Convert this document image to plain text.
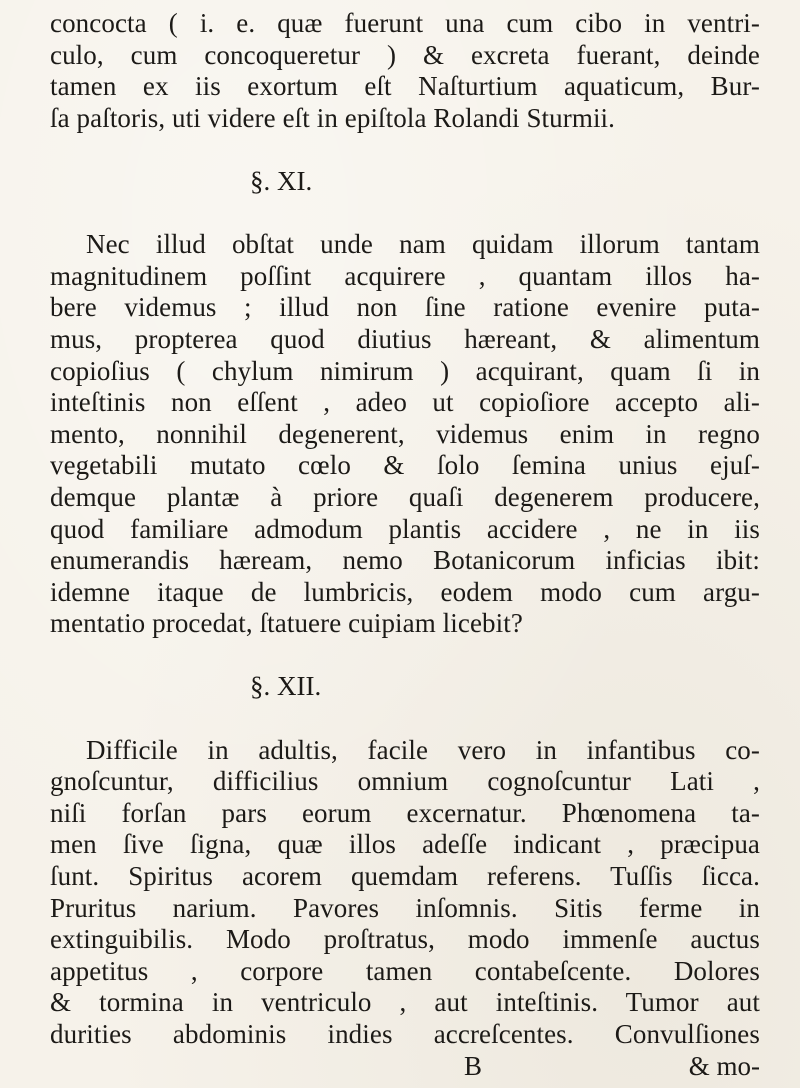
concocta ( i. e. quæ fuerunt una cum cibo in ventri-
culo, cum concoqueretur ) & excreta fuerant, deinde
tamen ex iis exortum eſt Naſturtium aquaticum, Bur-
ſa paſtoris, uti videre eſt in epiſtola Rolandi Sturmii.
§. XI.
Nec illud obſtat unde nam quidam illorum tantam
magnitudinem poſſint acquirere , quantam illos ha-
bere videmus ; illud non ſine ratione evenire puta-
mus, propterea quod diutius hæreant, & alimentum
copioſius ( chylum nimirum ) acquirant, quam ſi in
inteſtinis non eſſent , adeo ut copioſiore accepto ali-
mento, nonnihil degenerent, videmus enim in regno
vegetabili mutato cœlo & ſolo ſemina unius ejuſ-
demque plantæ à priore quaſi degenerem producere,
quod familiare admodum plantis accidere , ne in iis
enumerandis hæream, nemo Botanicorum inficias ibit:
idemne itaque de lumbricis, eodem modo cum argu-
mentatio procedat, ſtatuere cuipiam licebit?
§. XII.
Difficile in adultis, facile vero in infantibus co-
gnoſcuntur, difficilius omnium cognoſcuntur Lati ,
niſi forſan pars eorum excernatur. Phœnomena ta-
men ſive ſigna, quæ illos adeſſe indicant , præcipua
ſunt. Spiritus acorem quemdam referens. Tuſſis ſicca.
Pruritus narium. Pavores inſomnis. Sitis ferme in
extinguibilis. Modo proſtratus, modo immenſe auctus
appetitus , corpore tamen contabeſcente. Dolores
& tormina in ventriculo , aut inteſtinis. Tumor aut
durities abdominis indies accreſcentes. Convulſiones
B	& mo-
